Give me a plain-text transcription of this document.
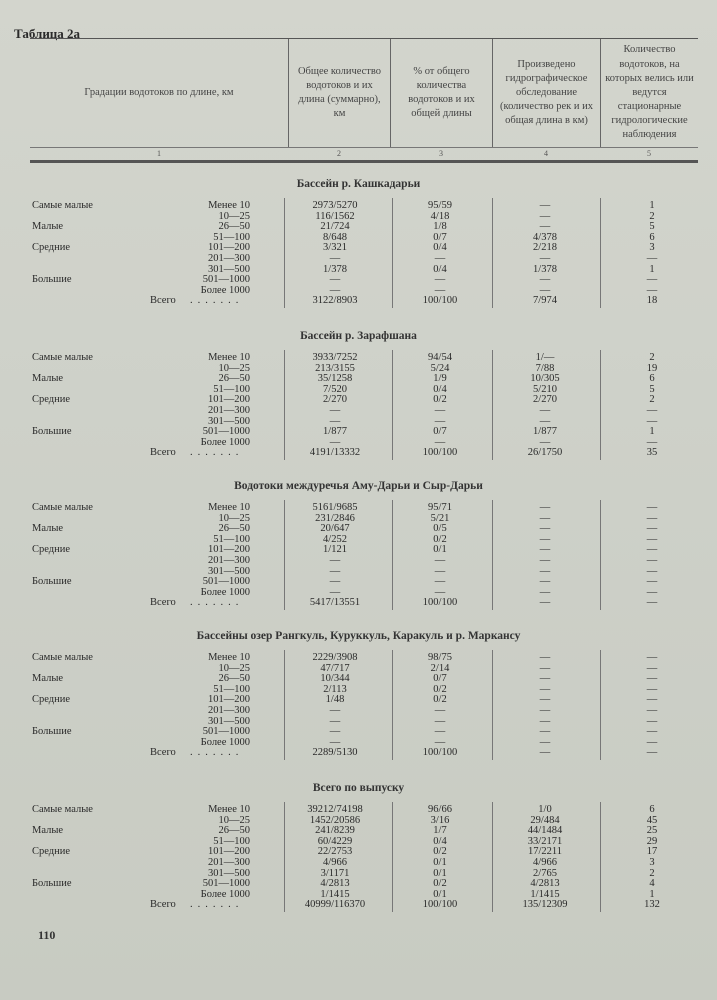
Таблица 2а
Градации водотоков по длине, км
Общее количество водотоков и их длина (суммарно), км
% от общего количества водотоков и их общей длины
Произведено гидрографическое обследование (количество рек и их общая длина в км)
Количество водотоков, на которых велись или ведутся стационарные гидрологические наблюдения
1	2	3	4	5
Бассейн р. Кашкадарьи
Самые малые	Менее 10	2973/5270	95/59	—	1
10—25	116/1562	4/18	—	2
Малые	26—50	21/724	1/8	—	5
51—100	8/648	0/7	4/378	6
Средние	101—200	3/321	0/4	2/218	3
201—300	—	—	—	—
301—500	1/378	0/4	1/378	1
Большие	501—1000	—	—	—	—
Более 1000	—	—	—	—
Всего .......	3122/8903	100/100	7/974	18
Бассейн р. Зарафшана
Самые малые	Менее 10	3933/7252	94/54	1/—	2
10—25	213/3155	5/24	7/88	19
Малые	26—50	35/1258	1/9	10/305	6
51—100	7/520	0/4	5/210	5
Средние	101—200	2/270	0/2	2/270	2
201—300	—	—	—	—
301—500	—	—	—	—
Большие	501—1000	1/877	0/7	1/877	1
Более 1000	—	—	—	—
Всего .......	4191/13332	100/100	26/1750	35
Водотоки междуречья Аму-Дарьи и Сыр-Дарьи
Самые малые	Менее 10	5161/9685	95/71	—	—
10—25	231/2846	5/21	—	—
Малые	26—50	20/647	0/5	—	—
51—100	4/252	0/2	—	—
Средние	101—200	1/121	0/1	—	—
201—300	—	—	—	—
301—500	—	—	—	—
Большие	501—1000	—	—	—	—
Более 1000	—	—	—	—
Всего .......	5417/13551	100/100	—	—
Бассейны озер Рангкуль, Куруккуль, Каракуль и р. Маркансу
Самые малые	Менее 10	2229/3908	98/75	—	—
10—25	47/717	2/14	—	—
Малые	26—50	10/344	0/7	—	—
51—100	2/113	0/2	—	—
Средние	101—200	1/48	0/2	—	—
201—300	—	—	—	—
301—500	—	—	—	—
Большие	501—1000	—	—	—	—
Более 1000	—	—	—	—
Всего .......	2289/5130	100/100	—	—
Всего по выпуску
Самые малые	Менее 10	39212/74198	96/66	1/0	6
10—25	1452/20586	3/16	29/484	45
Малые	26—50	241/8239	1/7	44/1484	25
51—100	60/4229	0/4	33/2171	29
Средние	101—200	22/2753	0/2	17/2211	17
201—300	4/966	0/1	4/966	3
301—500	3/1171	0/1	2/765	2
Большие	501—1000	4/2813	0/2	4/2813	4
Более 1000	1/1415	0/1	1/1415	1
Всего .......	40999/116370	100/100	135/12309	132
110
